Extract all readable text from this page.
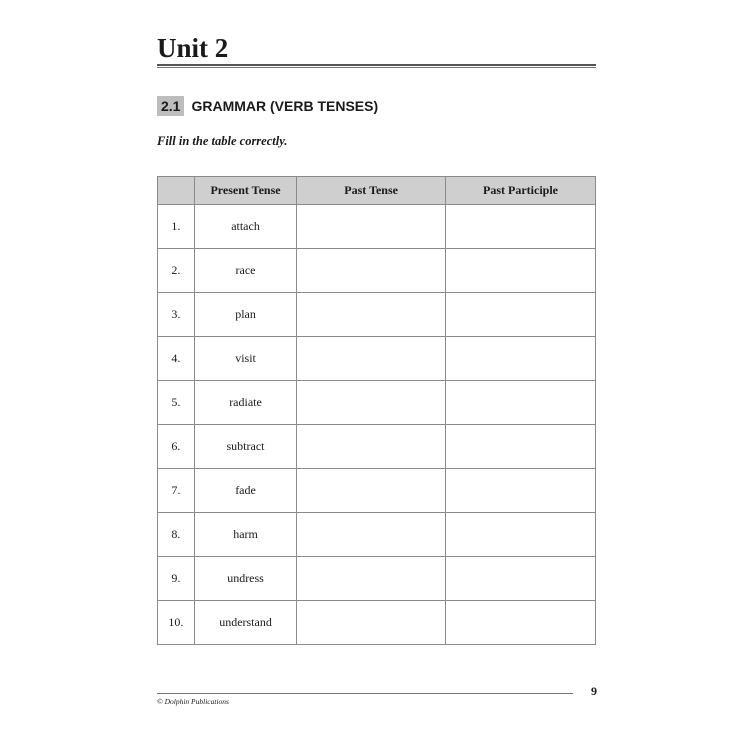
Unit 2
2.1 GRAMMAR (VERB TENSES)
Fill in the table correctly.
	Present Tense	Past Tense	Past Participle
1.	attach		
2.	race		
3.	plan		
4.	visit		
5.	radiate		
6.	subtract		
7.	fade		
8.	harm		
9.	undress		
10.	understand		
9
© Dolphin Publications
